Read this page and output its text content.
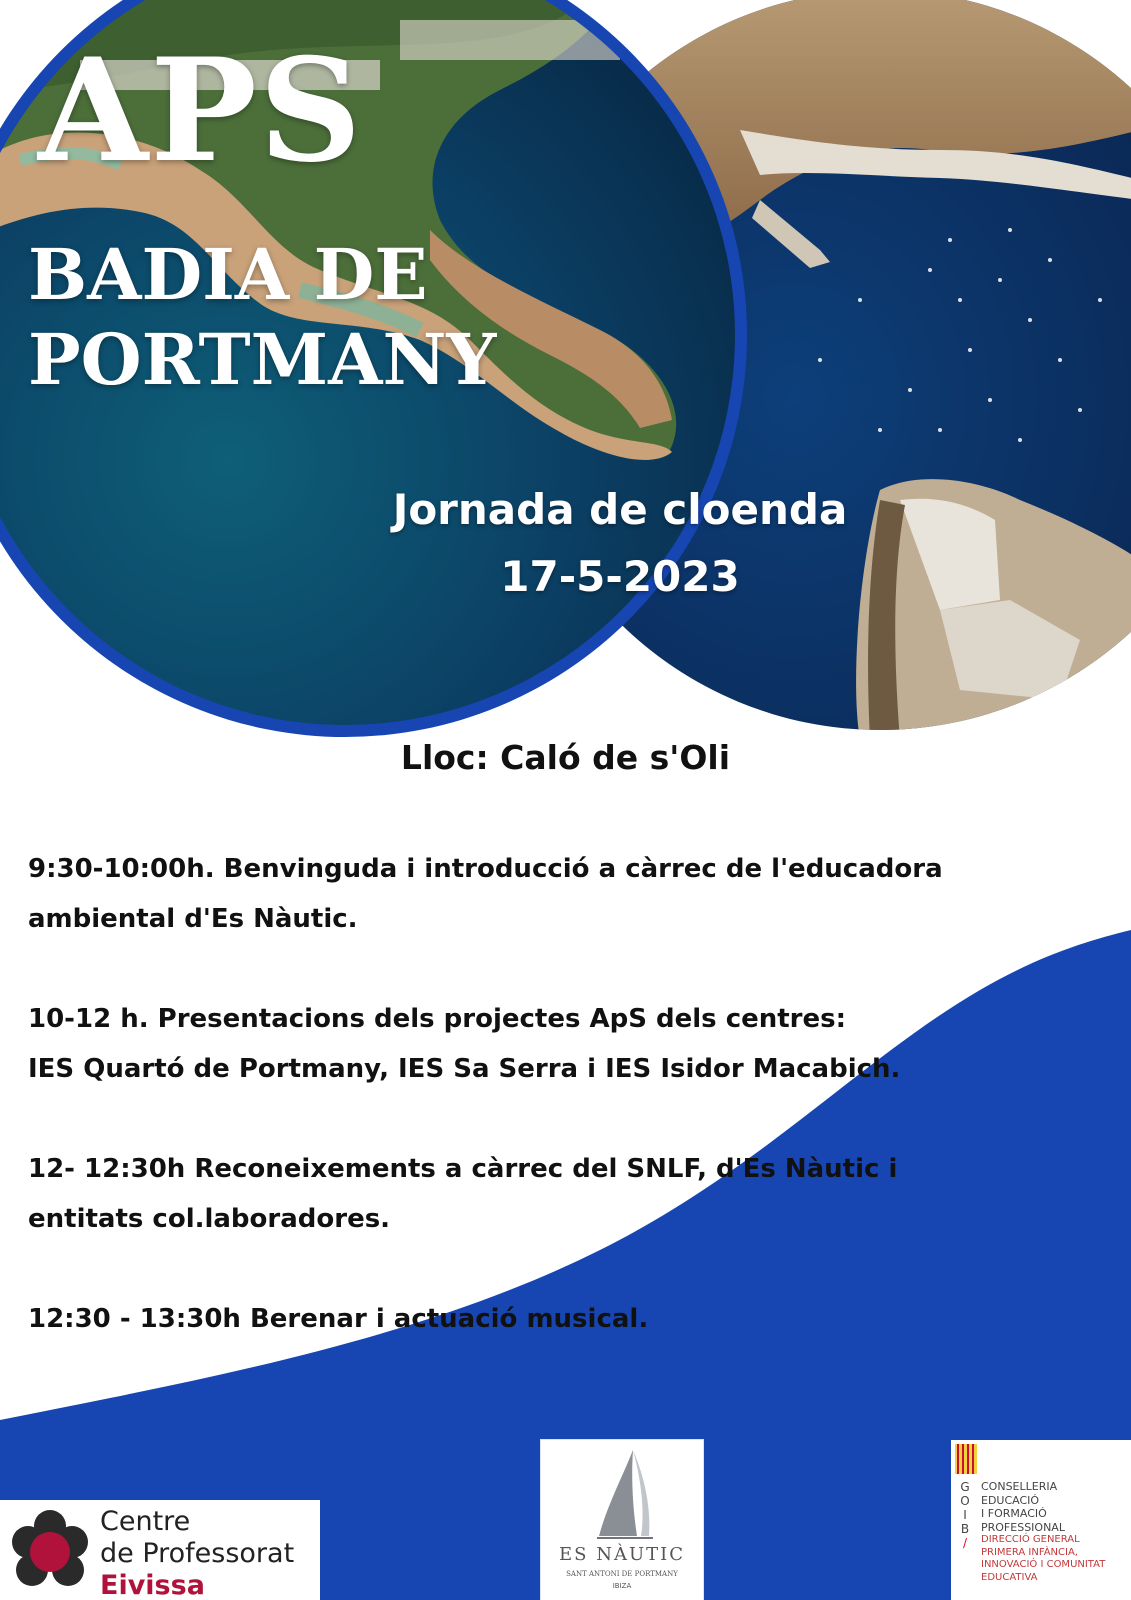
APS
BADIA DE
PORTMANY
Jornada de cloenda
17-5-2023
Lloc: Caló de s'Oli
9:30-10:00h. Benvinguda i introducció a càrrec de l'educadora
ambiental d'Es Nàutic.
10-12 h. Presentacions dels projectes ApS dels centres:
IES Quartó de Portmany, IES Sa Serra i IES Isidor Macabich.
12- 12:30h Reconeixements a càrrec del SNLF, d'Es Nàutic i
entitats col.laboradores.
12:30 - 13:30h Berenar i actuació musical.
Centre
de Professorat
Eivissa
ES NÀUTIC
SANT ANTONI DE PORTMANY
IBIZA
G
O
I
B
/
CONSELLERIA
EDUCACIÓ
I FORMACIÓ
PROFESSIONAL
DIRECCIÓ GENERAL
PRIMERA INFÀNCIA,
INNOVACIÓ I COMUNITAT
EDUCATIVA
